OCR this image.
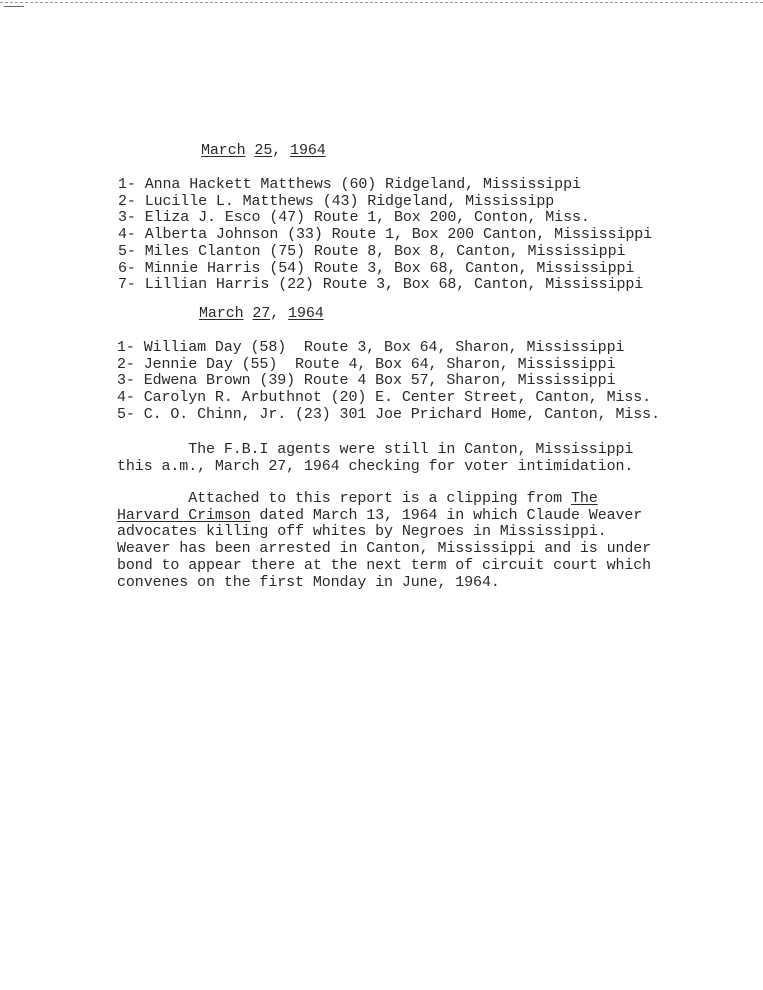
March 25, 1964
1- Anna Hackett Matthews (60) Ridgeland, Mississippi
2- Lucille L. Matthews (43) Ridgeland, Mississipp
3- Eliza J. Esco (47) Route 1, Box 200, Conton, Miss.
4- Alberta Johnson (33) Route 1, Box 200 Canton, Mississippi
5- Miles Clanton (75) Route 8, Box 8, Canton, Mississippi
6- Minnie Harris (54) Route 3, Box 68, Canton, Mississippi
7- Lillian Harris (22) Route 3, Box 68, Canton, Mississippi
March 27, 1964
1- William Day (58)  Route 3, Box 64, Sharon, Mississippi
2- Jennie Day (55)  Route 4, Box 64, Sharon, Mississippi
3- Edwena Brown (39) Route 4 Box 57, Sharon, Mississippi
4- Carolyn R. Arbuthnot (20) E. Center Street, Canton, Miss.
5- C. O. Chinn, Jr. (23) 301 Joe Prichard Home, Canton, Miss.
The F.B.I agents were still in Canton, Mississippi
this a.m., March 27, 1964 checking for voter intimidation.
Attached to this report is a clipping from The
Harvard Crimson dated March 13, 1964 in which Claude Weaver
advocates killing off whites by Negroes in Mississippi.
Weaver has been arrested in Canton, Mississippi and is under
bond to appear there at the next term of circuit court which
convenes on the first Monday in June, 1964.
